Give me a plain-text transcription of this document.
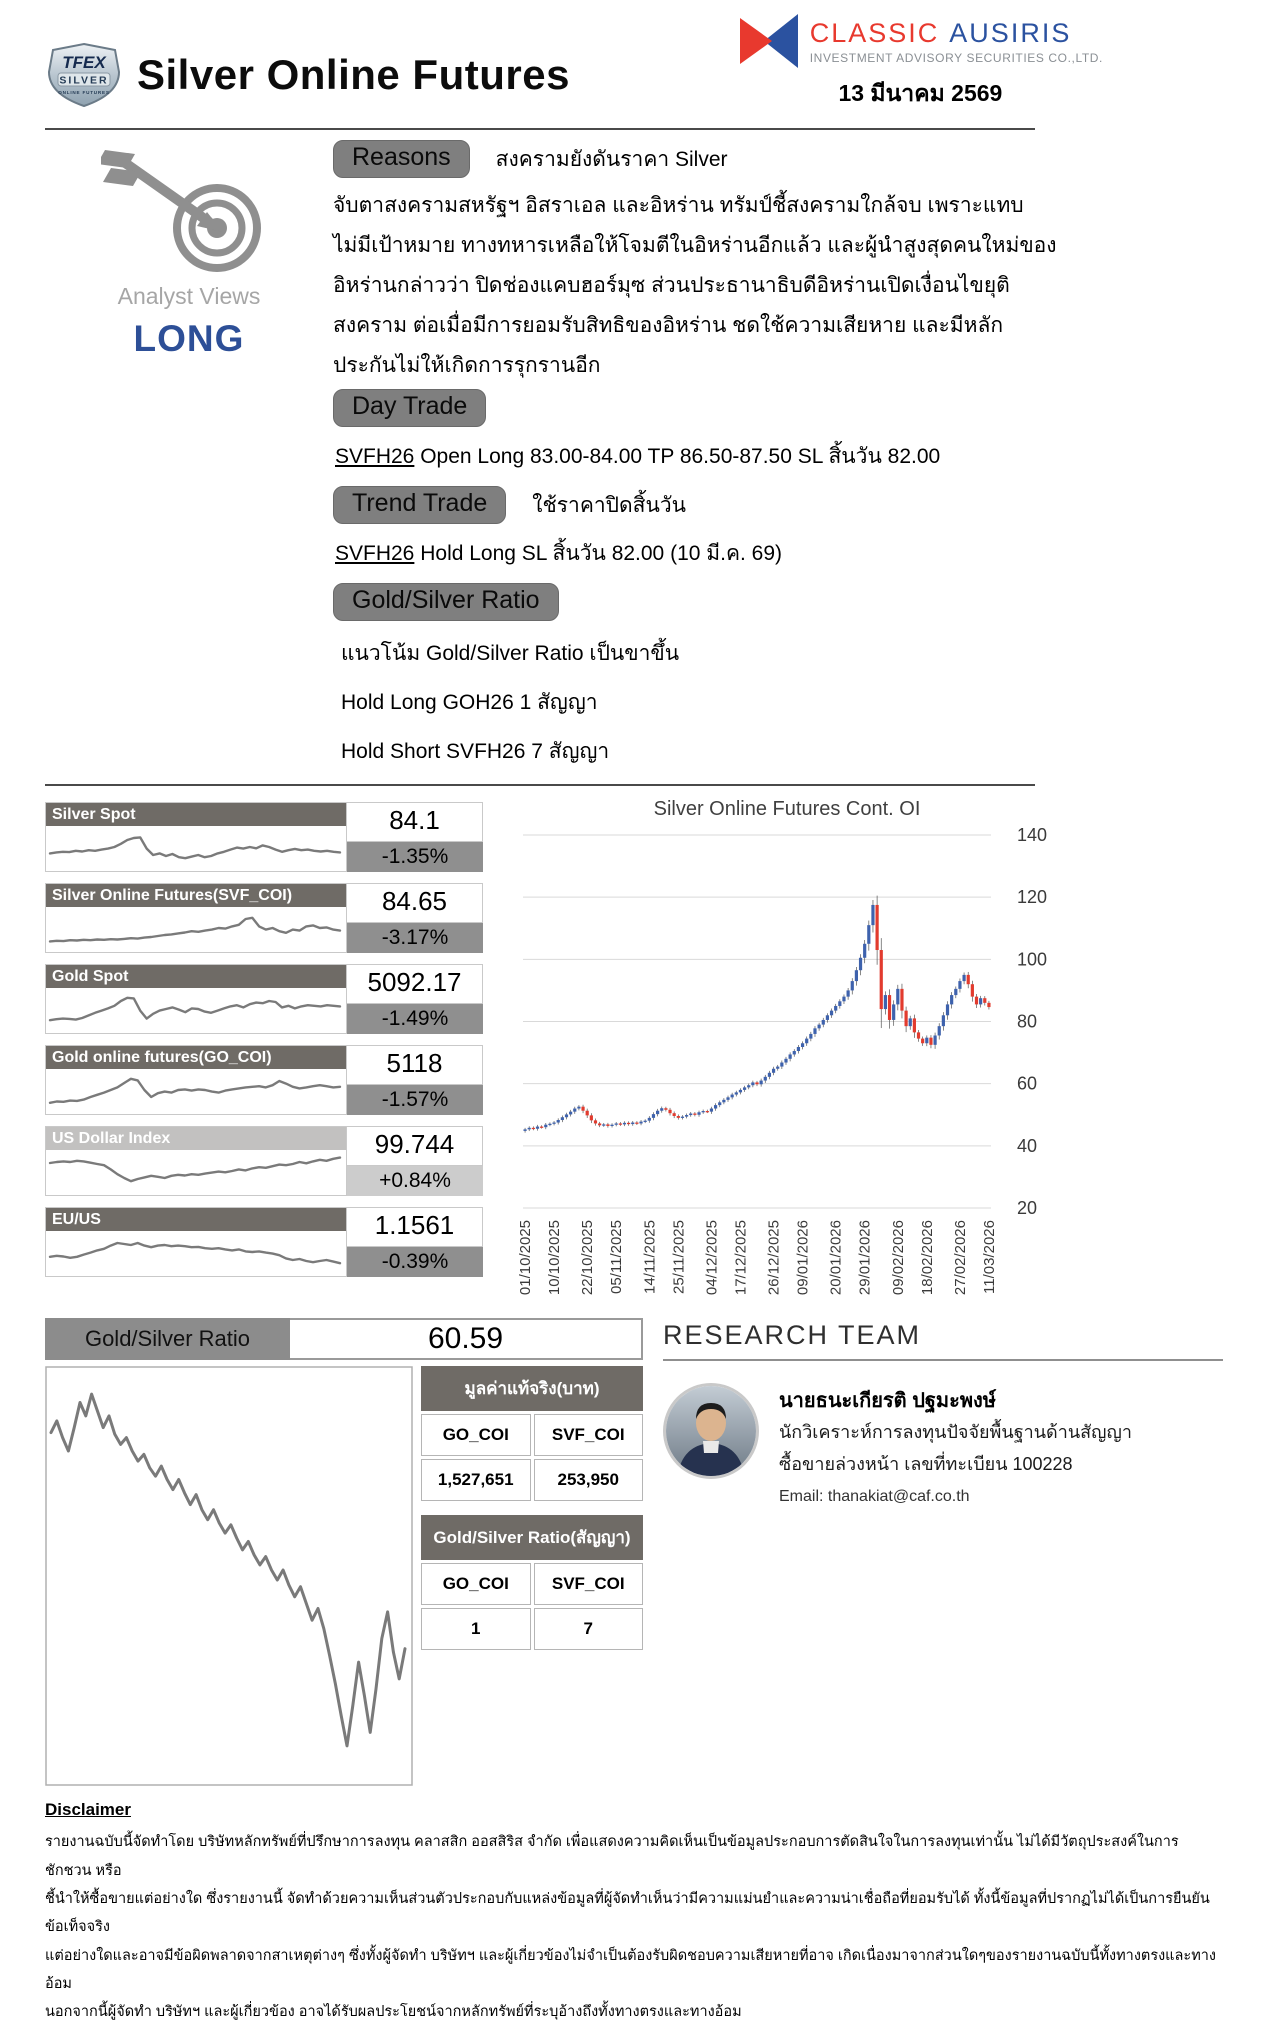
TFEX
SILVER
ONLINE FUTURES Silver Online Futures
CLASSIC AUSIRIS
INVESTMENT ADVISORY SECURITIES CO.,LTD.
13 มีนาคม 2569
Analyst Views
LONG
Reasons	สงครามยังดันราคา Silver
จับตาสงครามสหรัฐฯ อิสราเอล และอิหร่าน ทรัมป์ชี้สงครามใกล้จบ เพราะแทบไม่มีเป้าหมาย ทางทหารเหลือให้โจมตีในอิหร่านอีกแล้ว และผู้นำสูงสุดคนใหม่ของอิหร่านกล่าวว่า ปิดช่องแคบฮอร์มุซ ส่วนประธานาธิบดีอิหร่านเปิดเงื่อนไขยุติสงคราม ต่อเมื่อมีการยอมรับสิทธิของอิหร่าน ชดใช้ความเสียหาย และมีหลักประกันไม่ให้เกิดการรุกรานอีก
Day Trade
SVFH26 Open Long 83.00-84.00 TP 86.50-87.50 SL สิ้นวัน 82.00
Trend Trade	ใช้ราคาปิดสิ้นวัน
SVFH26 Hold Long SL สิ้นวัน 82.00 (10 มี.ค. 69)
Gold/Silver Ratio
แนวโน้ม Gold/Silver Ratio เป็นขาขึ้น
Hold Long GOH26 1 สัญญา
Hold Short SVFH26 7 สัญญา
Silver Spot	84.1
-1.35%
Silver Online Futures(SVF_COI)	84.65
-3.17%
Gold Spot	5092.17
-1.49%
Gold online futures(GO_COI)	5118
-1.57%
US Dollar Index	99.744
+0.84%
EU/US	1.1561
-0.39%
Silver Online Futures Cont. OI
20
40
60
80
100
120
140
01/10/2025 10/10/2025 22/10/2025 05/11/2025 14/11/2025 25/11/2025 04/12/2025 17/12/2025 26/12/2025 09/01/2026 20/01/2026 29/01/2026 09/02/2026 18/02/2026 27/02/2026 11/03/2026
Gold/Silver Ratio	60.59
มูลค่าแท้จริง(บาท)
GO_COI	SVF_COI
1,527,651	253,950
Gold/Silver Ratio(สัญญา)
GO_COI	SVF_COI
1	7
RESEARCH TEAM
นายธนะเกียรติ ปฐมะพงษ์
นักวิเคราะห์การลงทุนปัจจัยพื้นฐานด้านสัญญา
ซื้อขายล่วงหน้า เลขที่ทะเบียน 100228
Email: thanakiat@caf.co.th
Disclaimer
รายงานฉบับนี้จัดทำโดย บริษัทหลักทรัพย์ที่ปรึกษาการลงทุน คลาสสิก ออสสิริส จำกัด เพื่อแสดงความคิดเห็นเป็นข้อมูลประกอบการตัดสินใจในการลงทุนเท่านั้น ไม่ได้มีวัตถุประสงค์ในการชักชวน หรือ
ชี้นำให้ซื้อขายแต่อย่างใด ซึ่งรายงานนี้ จัดทำด้วยความเห็นส่วนตัวประกอบกับแหล่งข้อมูลที่ผู้จัดทำเห็นว่ามีความแม่นยำและความน่าเชื่อถือที่ยอมรับได้ ทั้งนี้ข้อมูลที่ปรากฏไม่ได้เป็นการยืนยันข้อเท็จจริง
แต่อย่างใดและอาจมีข้อผิดพลาดจากสาเหตุต่างๆ ซึ่งทั้งผู้จัดทำ บริษัทฯ และผู้เกี่ยวข้องไม่จำเป็นต้องรับผิดชอบความเสียหายที่อาจ เกิดเนื่องมาจากส่วนใดๆของรายงานฉบับนี้ทั้งทางตรงและทางอ้อม
นอกจากนี้ผู้จัดทำ บริษัทฯ และผู้เกี่ยวข้อง อาจได้รับผลประโยชน์จากหลักทรัพย์ที่ระบุอ้างถึงทั้งทางตรงและทางอ้อม
